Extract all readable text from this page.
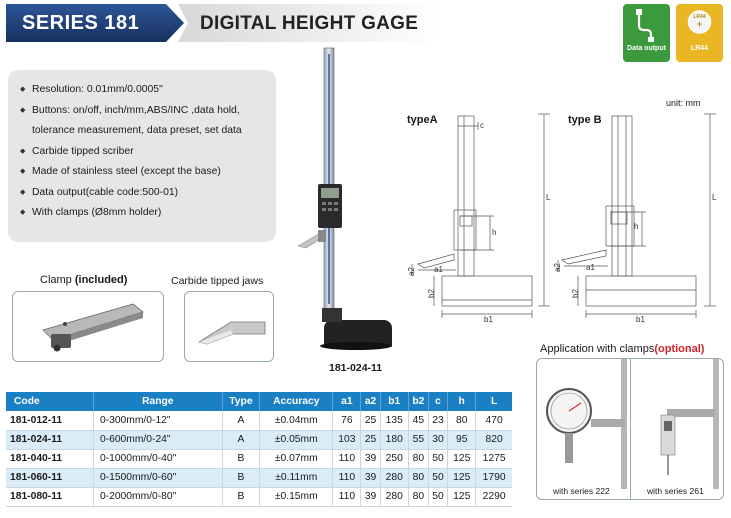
SERIES 181	DIGITAL HEIGHT GAGE
Data output
LR44
+
LR44
◆ Resolution: 0.01mm/0.0005"
◆ Buttons: on/off, inch/mm,ABS/INC ,data hold,
tolerance measurement, data preset, set data
◆ Carbide tipped scriber
◆ Made of stainless steel (except the base)
◆ Data output(cable code:500-01)
◆ With clamps (Ø8mm holder)
Clamp (included)	Carbide tipped jaws
181-024-11
unit: mm
typeA	type B
c
h
L
a1
a2
b1
b2
h
L
a1
a2
b1
b2
Application with clamps(optional)
with series 222	with series 261
Code	Range	Type	Accuracy	a1	a2	b1	b2	c	h	L
181-012-11	0-300mm/0-12"	A	±0.04mm	76	25	135	45	23	80	470
181-024-11	0-600mm/0-24"	A	±0.05mm	103	25	180	55	30	95	820
181-040-11	0-1000mm/0-40"	B	±0.07mm	110	39	250	80	50	125	1275
181-060-11	0-1500mm/0-60"	B	±0.11mm	110	39	280	80	50	125	1790
181-080-11	0-2000mm/0-80"	B	±0.15mm	110	39	280	80	50	125	2290
